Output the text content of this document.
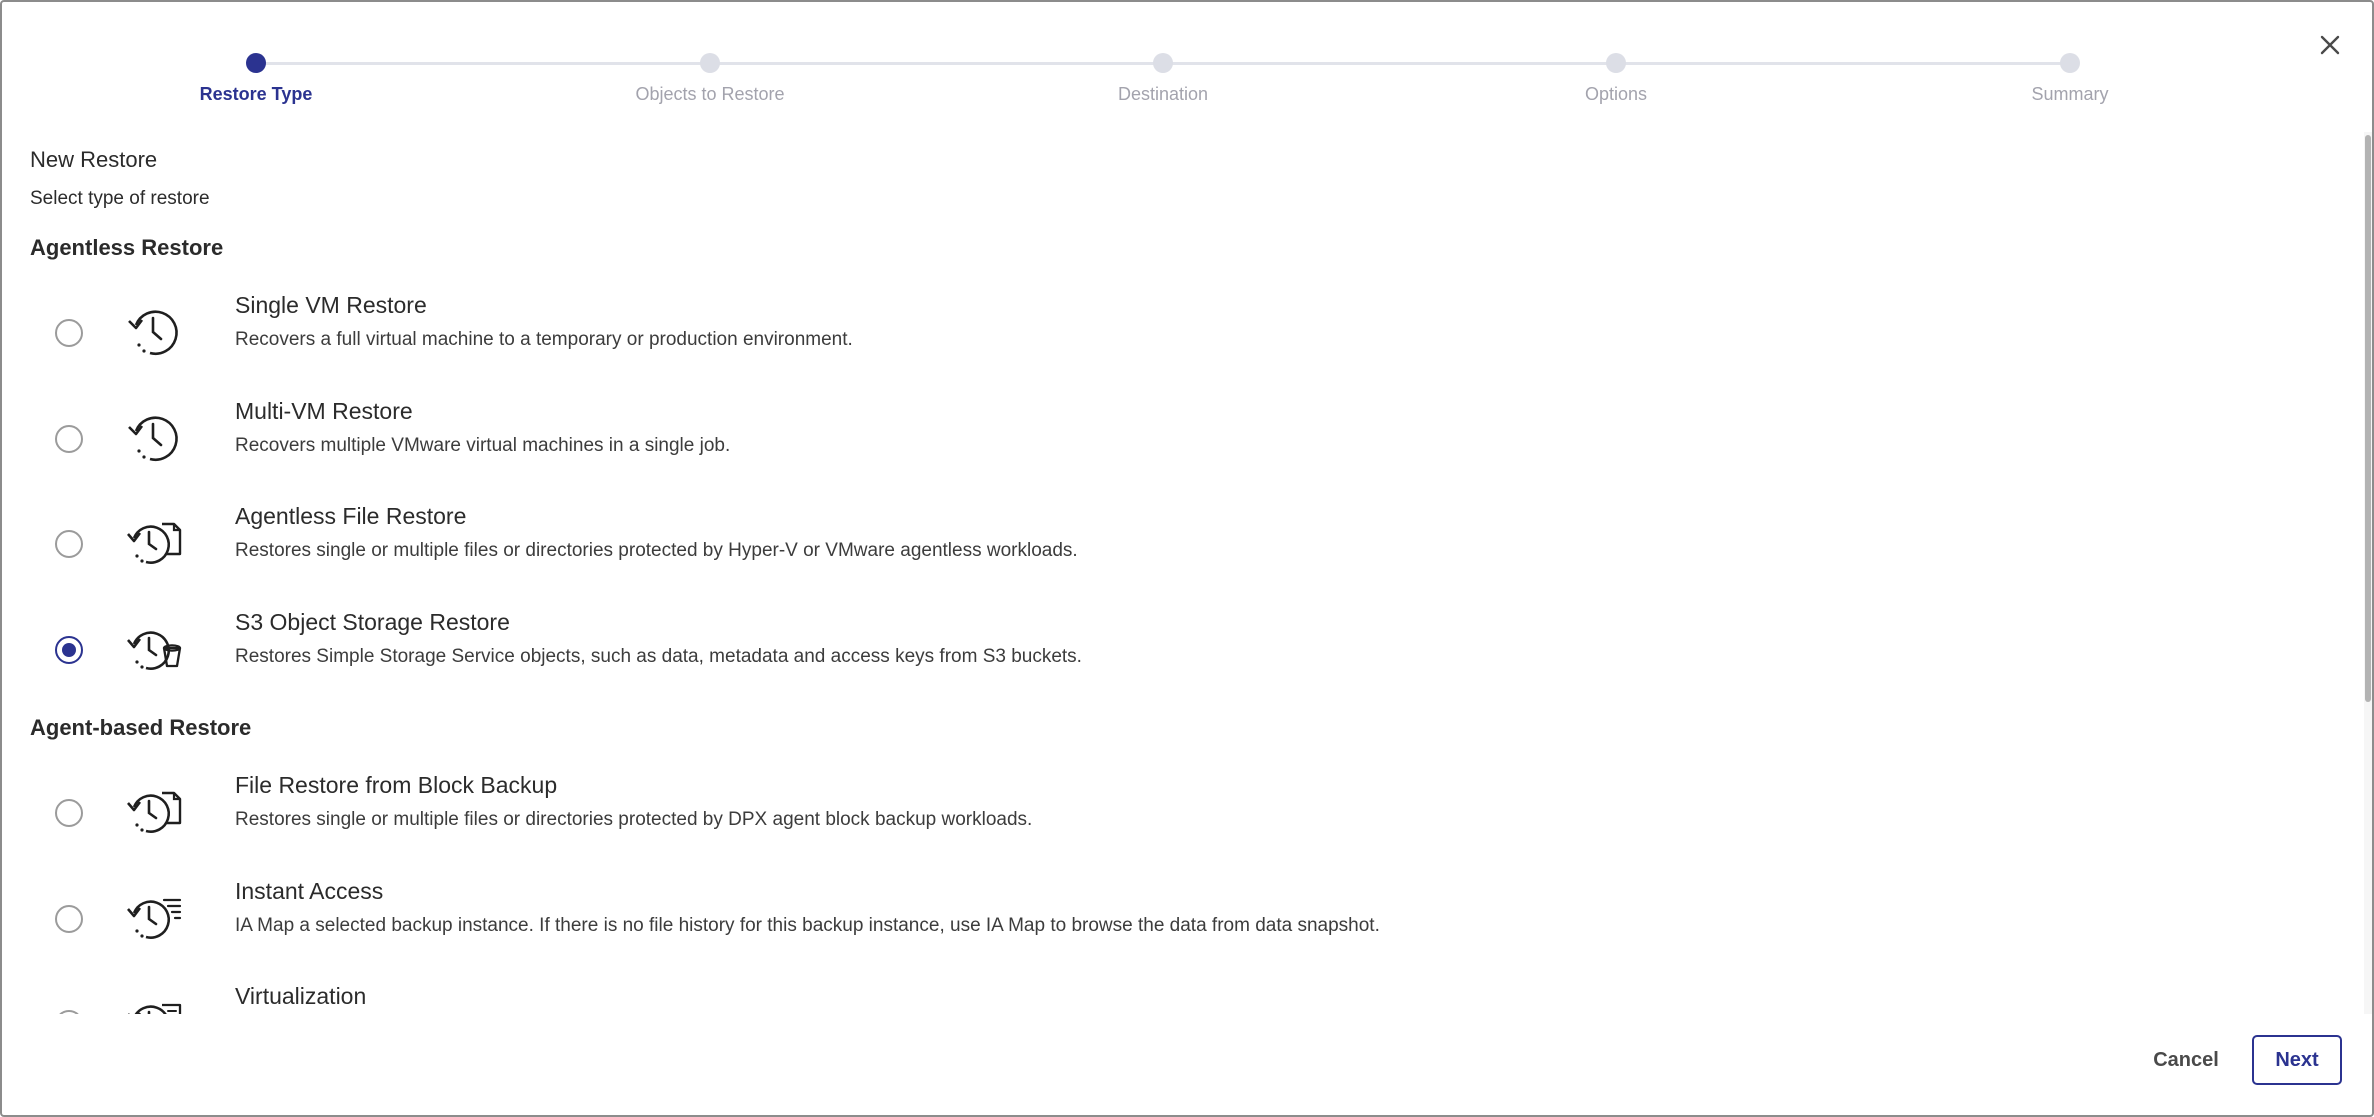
Restore Type	Objects to Restore	Destination	Options	Summary
New Restore
Select type of restore
Agentless Restore
Single VM Restore
Recovers a full virtual machine to a temporary or production environment.
Multi-VM Restore
Recovers multiple VMware virtual machines in a single job.
Agentless File Restore
Restores single or multiple files or directories protected by Hyper-V or VMware agentless workloads.
S3 Object Storage Restore
Restores Simple Storage Service objects, such as data, metadata and access keys from S3 buckets.
Agent-based Restore
File Restore from Block Backup
Restores single or multiple files or directories protected by DPX agent block backup workloads.
Instant Access
IA Map a selected backup instance. If there is no file history for this backup instance, use IA Map to browse the data from data snapshot.
Virtualization
Cancel	Next
